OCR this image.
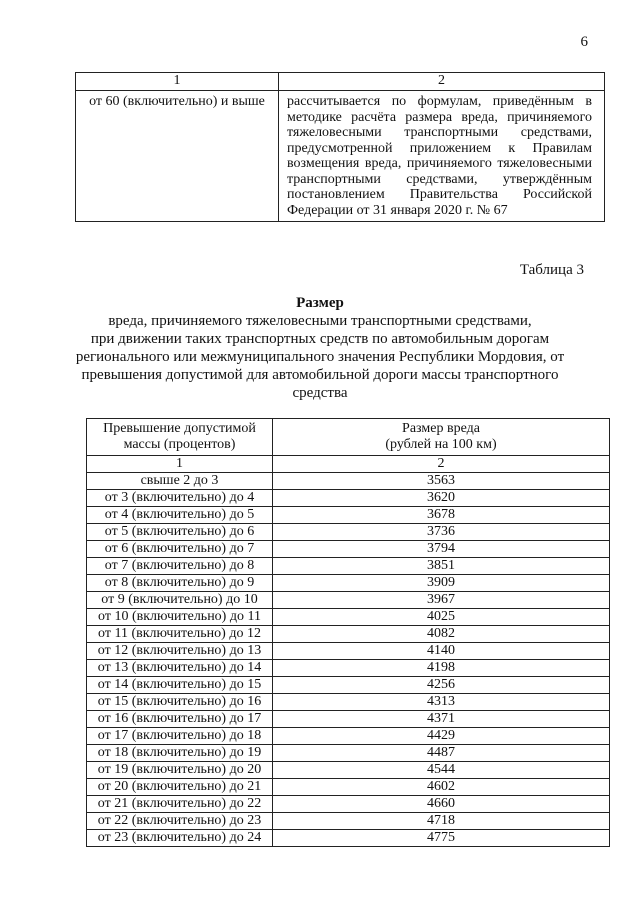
6
1	2
от 60 (включительно) и выше	рассчитывается по формулам, приведённым в методике расчёта размера вреда, причиняемого тяжеловесными транспортными средствами, предусмотренной приложением к Правилам возмещения вреда, причиняемого тяжеловесными транспортными средствами, утверждённым постановлением Правительства Российской Федерации от 31 января 2020 г. № 67
Таблица 3
Размер
вреда, причиняемого тяжеловесными транспортными средствами,
при движении таких транспортных средств по автомобильным дорогам
регионального или межмуниципального значения Республики Мордовия, от
превышения допустимой для автомобильной дороги массы транспортного
средства
Превышение допустимой массы (процентов)	Размер вреда
(рублей на 100 км)

1	2
свыше 2 до 3	3563
от 3 (включительно) до 4	3620
от 4 (включительно) до 5	3678
от 5 (включительно) до 6	3736
от 6 (включительно) до 7	3794
от 7 (включительно) до 8	3851
от 8 (включительно) до 9	3909
от 9 (включительно) до 10	3967
от 10 (включительно) до 11	4025
от 11 (включительно) до 12	4082
от 12 (включительно) до 13	4140
от 13 (включительно) до 14	4198
от 14 (включительно) до 15	4256
от 15 (включительно) до 16	4313
от 16 (включительно) до 17	4371
от 17 (включительно) до 18	4429
от 18 (включительно) до 19	4487
от 19 (включительно) до 20	4544
от 20 (включительно) до 21	4602
от 21 (включительно) до 22	4660
от 22 (включительно) до 23	4718
от 23 (включительно) до 24	4775
